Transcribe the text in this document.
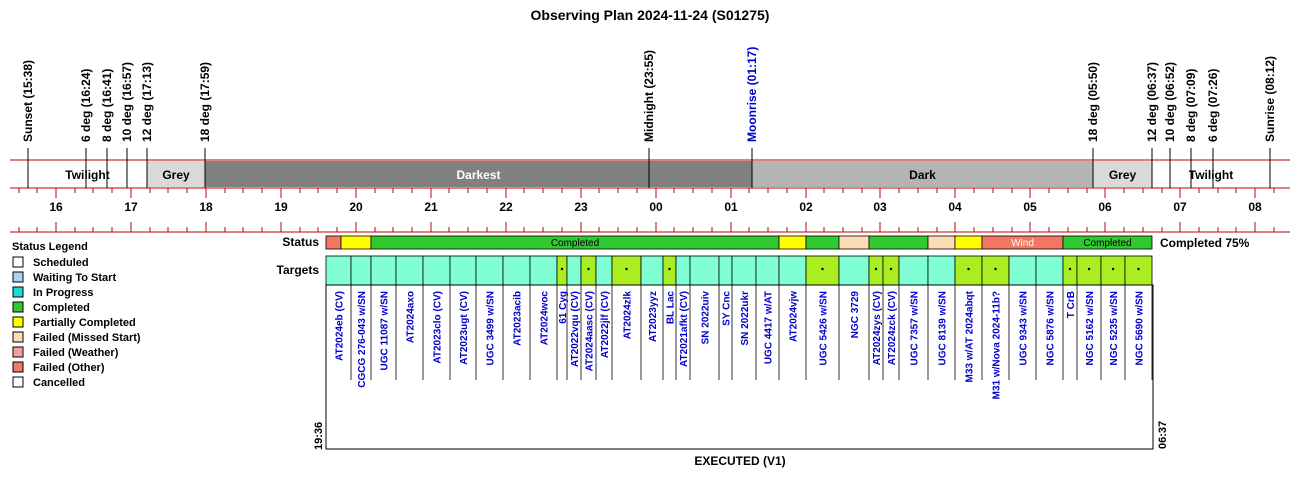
Observing Plan 2024-11-24 (S01275)
Sunset (15:38)	6 deg (16:24) 8 deg (16:41) 10 deg (16:57) 12 deg (17:13)	18 deg (17:59)	Midnight (23:55)	Moonrise (01:17)	18 deg (05:50)	12 deg (06:37) 10 deg (06:52) 8 deg (07:09) 6 deg (07:26)	Sunrise (08:12)
Twilight	Grey	Darkest	Dark	Grey	Twilight
16	17	18	19	20	21	22	23	00	01	02	03	04	05	06	07	08
Status Legend
Scheduled
Waiting To Start
In Progress
Completed
Partially Completed
Failed (Missed Start)
Failed (Weather)
Failed (Other)
Cancelled
Status	Completed	Wind	Completed Completed 75%
Targets
AT2024eb (CV) CGCG 276-043 w/SN UGC 11087 w/SN AT2024axo AT2023clo (CV) AT2023ugt (CV) UGC 3499 w/SN AT2023acib AT2024woc 61 Cyg AT2022vqu (CV) AT2024aasc (CV) AT2022jlf (CV) AT2024zlk AT2023yyz BL Lac AT2021afkt (CV) SN 2022uiv SY Cnc SN 2022ukr UGC 4417 w/AT AT2024vjw UGC 5426 w/SN NGC 3729 AT2024zys (CV) AT2024zck (CV) UGC 7357 w/SN UGC 8139 w/SN M33 w/AT 2024abqt M31 w/Nova 2024-11b? UGC 9343 w/SN NGC 5876 w/SN T CrB NGC 5162 w/SN NGC 5235 w/SN NGC 5690 w/SN
19:36	06:37
EXECUTED (V1)
